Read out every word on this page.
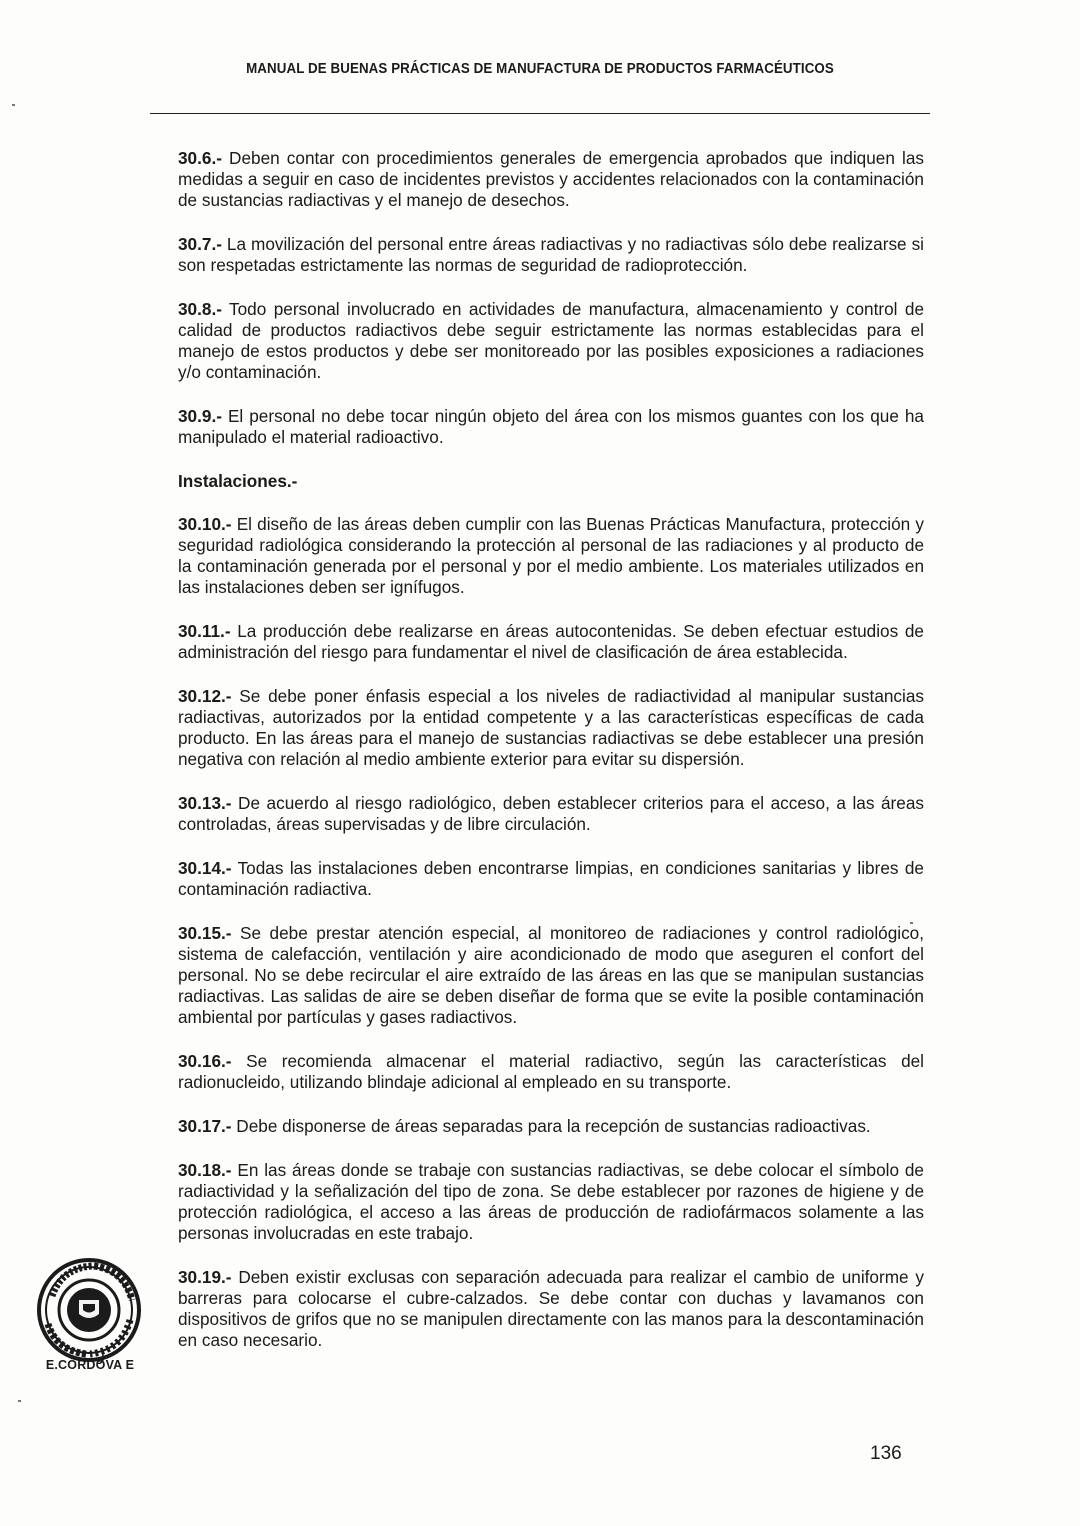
MANUAL DE BUENAS PRÁCTICAS DE MANUFACTURA DE PRODUCTOS FARMACÉUTICOS

30.6.- Deben contar con procedimientos generales de emergencia aprobados que indiquen las medidas a seguir en caso de incidentes previstos y accidentes relacionados con la contaminación de sustancias radiactivas y el manejo de desechos.

30.7.- La movilización del personal entre áreas radiactivas y no radiactivas sólo debe realizarse si son respetadas estrictamente las normas de seguridad de radioprotección.

30.8.- Todo personal involucrado en actividades de manufactura, almacenamiento y control de calidad de productos radiactivos debe seguir estrictamente las normas establecidas para el manejo de estos productos y debe ser monitoreado por las posibles exposiciones a radiaciones y/o contaminación.

30.9.- El personal no debe tocar ningún objeto del área con los mismos guantes con los que ha manipulado el material radioactivo.

Instalaciones.-

30.10.- El diseño de las áreas deben cumplir con las Buenas Prácticas Manufactura, protección y seguridad radiológica considerando la protección al personal de las radiaciones y al producto de la contaminación generada por el personal y por el medio ambiente. Los materiales utilizados en las instalaciones deben ser ignífugos.

30.11.- La producción debe realizarse en áreas autocontenidas. Se deben efectuar estudios de administración del riesgo para fundamentar el nivel de clasificación de área establecida.

30.12.- Se debe poner énfasis especial a los niveles de radiactividad al manipular sustancias radiactivas, autorizados por la entidad competente y a las características específicas de cada producto. En las áreas para el manejo de sustancias radiactivas se debe establecer una presión negativa con relación al medio ambiente exterior para evitar su dispersión.

30.13.- De acuerdo al riesgo radiológico, deben establecer criterios para el acceso, a las áreas controladas, áreas supervisadas y de libre circulación.

30.14.- Todas las instalaciones deben encontrarse limpias, en condiciones sanitarias y libres de contaminación radiactiva.

30.15.- Se debe prestar atención especial, al monitoreo de radiaciones y control radiológico, sistema de calefacción, ventilación y aire acondicionado de modo que aseguren el confort del personal. No se debe recircular el aire extraído de las áreas en las que se manipulan sustancias radiactivas. Las salidas de aire se deben diseñar de forma que se evite la posible contaminación ambiental por partículas y gases radiactivos.

30.16.- Se recomienda almacenar el material radiactivo, según las características del radionucleido, utilizando blindaje adicional al empleado en su transporte.

30.17.- Debe disponerse de áreas separadas para la recepción de sustancias radioactivas.

30.18.- En las áreas donde se trabaje con sustancias radiactivas, se debe colocar el símbolo de radiactividad y la señalización del tipo de zona. Se debe establecer por razones de higiene y de protección radiológica, el acceso a las áreas de producción de radiofármacos solamente a las personas involucradas en este trabajo.

30.19.- Deben existir exclusas con separación adecuada para realizar el cambio de uniforme y barreras para colocarse el cubre-calzados. Se debe contar con duchas y lavamanos con dispositivos de grifos que no se manipulen directamente con las manos para la descontaminación en caso necesario.

E.CÓRDOVA E
136
